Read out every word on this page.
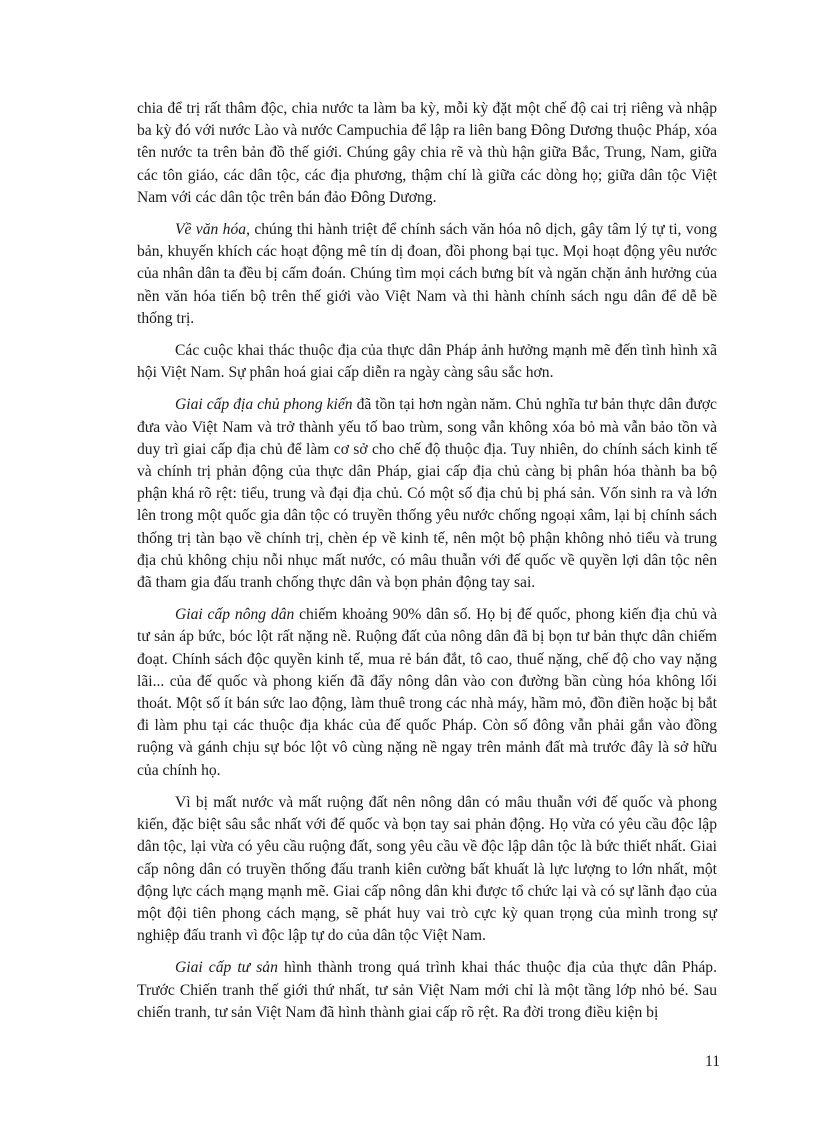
chia để trị rất thâm độc, chia nước ta làm ba kỳ, mỗi kỳ đặt một chế độ cai trị riêng và nhập ba kỳ đó với nước Lào và nước Campuchia để lập ra liên bang Đông Dương thuộc Pháp, xóa tên nước ta trên bản đồ thế giới. Chúng gây chia rẽ và thù hận giữa Bắc, Trung, Nam, giữa các tôn giáo, các dân tộc, các địa phương, thậm chí là giữa các dòng họ; giữa dân tộc Việt Nam với các dân tộc trên bán đảo Đông Dương.

Về văn hóa, chúng thi hành triệt để chính sách văn hóa nô dịch, gây tâm lý tự ti, vong bản, khuyến khích các hoạt động mê tín dị đoan, đồi phong bại tục. Mọi hoạt động yêu nước của nhân dân ta đều bị cấm đoán. Chúng tìm mọi cách bưng bít và ngăn chặn ảnh hưởng của nền văn hóa tiến bộ trên thế giới vào Việt Nam và thi hành chính sách ngu dân để dễ bề thống trị.

Các cuộc khai thác thuộc địa của thực dân Pháp ảnh hưởng mạnh mẽ đến tình hình xã hội Việt Nam. Sự phân hoá giai cấp diễn ra ngày càng sâu sắc hơn.

Giai cấp địa chủ phong kiến đã tồn tại hơn ngàn năm. Chủ nghĩa tư bản thực dân được đưa vào Việt Nam và trở thành yếu tố bao trùm, song vẫn không xóa bỏ mà vẫn bảo tồn và duy trì giai cấp địa chủ để làm cơ sở cho chế độ thuộc địa. Tuy nhiên, do chính sách kinh tế và chính trị phản động của thực dân Pháp, giai cấp địa chủ càng bị phân hóa thành ba bộ phận khá rõ rệt: tiểu, trung và đại địa chủ. Có một số địa chủ bị phá sản. Vốn sinh ra và lớn lên trong một quốc gia dân tộc có truyền thống yêu nước chống ngoại xâm, lại bị chính sách thống trị tàn bạo về chính trị, chèn ép về kinh tế, nên một bộ phận không nhỏ tiểu và trung địa chủ không chịu nỗi nhục mất nước, có mâu thuẫn với đế quốc về quyền lợi dân tộc nên đã tham gia đấu tranh chống thực dân và bọn phản động tay sai.

Giai cấp nông dân chiếm khoảng 90% dân số. Họ bị đế quốc, phong kiến địa chủ và tư sản áp bức, bóc lột rất nặng nề. Ruộng đất của nông dân đã bị bọn tư bản thực dân chiếm đoạt. Chính sách độc quyền kinh tế, mua rẻ bán đắt, tô cao, thuế nặng, chế độ cho vay nặng lãi... của đế quốc và phong kiến đã đẩy nông dân vào con đường bần cùng hóa không lối thoát. Một số ít bán sức lao động, làm thuê trong các nhà máy, hầm mỏ, đồn điền hoặc bị bắt đi làm phu tại các thuộc địa khác của đế quốc Pháp. Còn số đông vẫn phải gắn vào đồng ruộng và gánh chịu sự bóc lột vô cùng nặng nề ngay trên mảnh đất mà trước đây là sở hữu của chính họ.

Vì bị mất nước và mất ruộng đất nên nông dân có mâu thuẫn với đế quốc và phong kiến, đặc biệt sâu sắc nhất với đế quốc và bọn tay sai phản động. Họ vừa có yêu cầu độc lập dân tộc, lại vừa có yêu cầu ruộng đất, song yêu cầu về độc lập dân tộc là bức thiết nhất. Giai cấp nông dân có truyền thống đấu tranh kiên cường bất khuất là lực lượng to lớn nhất, một động lực cách mạng mạnh mẽ. Giai cấp nông dân khi được tổ chức lại và có sự lãnh đạo của một đội tiên phong cách mạng, sẽ phát huy vai trò cực kỳ quan trọng của mình trong sự nghiệp đấu tranh vì độc lập tự do của dân tộc Việt Nam.

Giai cấp tư sản hình thành trong quá trình khai thác thuộc địa của thực dân Pháp. Trước Chiến tranh thế giới thứ nhất, tư sản Việt Nam mới chỉ là một tầng lớp nhỏ bé. Sau chiến tranh, tư sản Việt Nam đã hình thành giai cấp rõ rệt. Ra đời trong điều kiện bị

11
